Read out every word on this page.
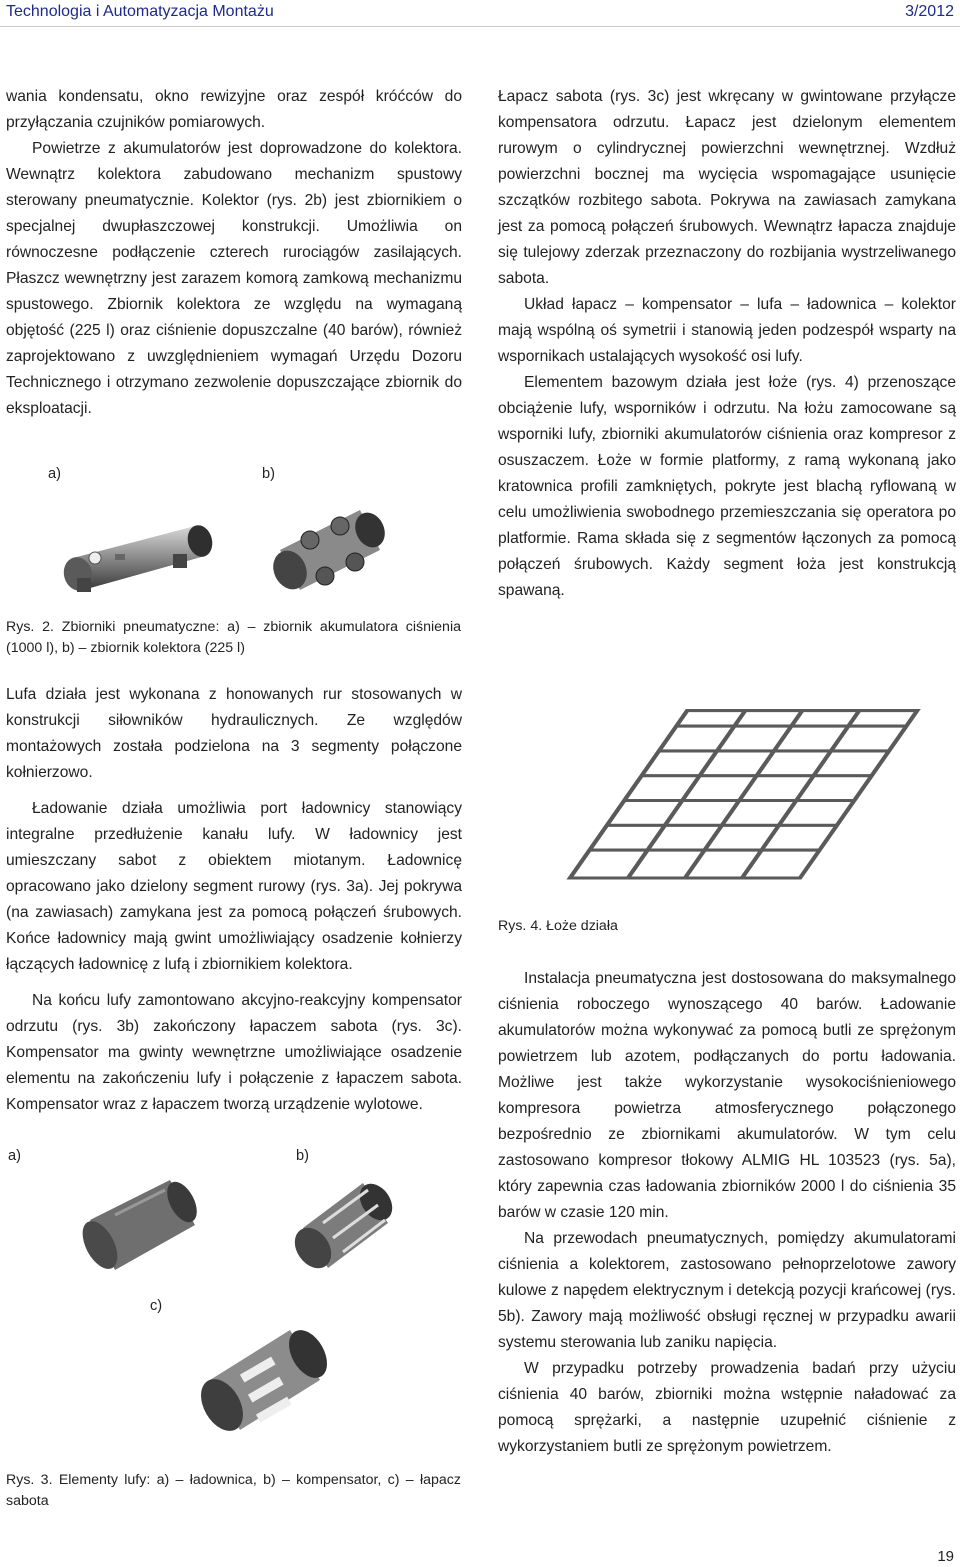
Technologia i Automatyzacja Montażu	3/2012

wania kondensatu, okno rewizyjne oraz zespół króćców do przyłączania czujników pomiarowych.

Powietrze z akumulatorów jest doprowadzone do kolektora. Wewnątrz kolektora zabudowano mechanizm spustowy sterowany pneumatycznie. Kolektor (rys. 2b) jest zbiornikiem o specjalnej dwupłaszczowej konstrukcji. Umożliwia on równoczesne podłączenie czterech rurociągów zasilających. Płaszcz wewnętrzny jest zarazem komorą zamkową mechanizmu spustowego. Zbiornik kolektora ze względu na wymaganą objętość (225 l) oraz ciśnienie dopuszczalne (40 barów), również zaprojektowano z uwzględnieniem wymagań Urzędu Dozoru Technicznego i otrzymano zezwolenie dopuszczające zbiornik do eksploatacji.

a)	b)
Rys. 2. Zbiorniki pneumatyczne: a) – zbiornik akumulatora ciśnienia (1000 l), b) – zbiornik kolektora (225 l)

Lufa działa jest wykonana z honowanych rur stosowanych w konstrukcji siłowników hydraulicznych. Ze względów montażowych została podzielona na 3 segmenty połączone kołnierzowo.

Ładowanie działa umożliwia port ładownicy stanowiący integralne przedłużenie kanału lufy. W ładownicy jest umieszczany sabot z obiektem miotanym. Ładownicę opracowano jako dzielony segment rurowy (rys. 3a). Jej pokrywa (na zawiasach) zamykana jest za pomocą połączeń śrubowych. Końce ładownicy mają gwint umożliwiający osadzenie kołnierzy łączących ładownicę z lufą i zbiornikiem kolektora.

Na końcu lufy zamontowano akcyjno-reakcyjny kompensator odrzutu (rys. 3b) zakończony łapaczem sabota (rys. 3c). Kompensator ma gwinty wewnętrzne umożliwiające osadzenie elementu na zakończeniu lufy i połączenie z łapaczem sabota. Kompensator wraz z łapaczem tworzą urządzenie wylotowe.

a)	b)
c)
Rys. 3. Elementy lufy: a) – ładownica, b) – kompensator, c) – łapacz sabota

Łapacz sabota (rys. 3c) jest wkręcany w gwintowane przyłącze kompensatora odrzutu. Łapacz jest dzielonym elementem rurowym o cylindrycznej powierzchni wewnętrznej. Wzdłuż powierzchni bocznej ma wycięcia wspomagające usunięcie szczątków rozbitego sabota. Pokrywa na zawiasach zamykana jest za pomocą połączeń śrubowych. Wewnątrz łapacza znajduje się tulejowy zderzak przeznaczony do rozbijania wystrzeliwanego sabota.

Układ łapacz – kompensator – lufa – ładownica – kolektor mają wspólną oś symetrii i stanowią jeden podzespół wsparty na wspornikach ustalających wysokość osi lufy.

Elementem bazowym działa jest łoże (rys. 4) przenoszące obciążenie lufy, wsporników i odrzutu. Na łożu zamocowane są wsporniki lufy, zbiorniki akumulatorów ciśnienia oraz kompresor z osuszaczem. Łoże w formie platformy, z ramą wykonaną jako kratownica profili zamkniętych, pokryte jest blachą ryflowaną w celu umożliwienia swobodnego przemieszczania się operatora po platformie. Rama składa się z segmentów łączonych za pomocą połączeń śrubowych. Każdy segment łoża jest konstrukcją spawaną.

Rys. 4. Łoże działa

Instalacja pneumatyczna jest dostosowana do maksymalnego ciśnienia roboczego wynoszącego 40 barów. Ładowanie akumulatorów można wykonywać za pomocą butli ze sprężonym powietrzem lub azotem, podłączanych do portu ładowania. Możliwe jest także wykorzystanie wysokociśnieniowego kompresora powietrza atmosferycznego połączonego bezpośrednio ze zbiornikami akumulatorów. W tym celu zastosowano kompresor tłokowy ALMIG HL 103523 (rys. 5a), który zapewnia czas ładowania zbiorników 2000 l do ciśnienia 35 barów w czasie 120 min.

Na przewodach pneumatycznych, pomiędzy akumulatorami ciśnienia a kolektorem, zastosowano pełnoprzelotowe zawory kulowe z napędem elektrycznym i detekcją pozycji krańcowej (rys. 5b). Zawory mają możliwość obsługi ręcznej w przypadku awarii systemu sterowania lub zaniku napięcia.

W przypadku potrzeby prowadzenia badań przy użyciu ciśnienia 40 barów, zbiorniki można wstępnie naładować za pomocą sprężarki, a następnie uzupełnić ciśnienie z wykorzystaniem butli ze sprężonym powietrzem.

19
